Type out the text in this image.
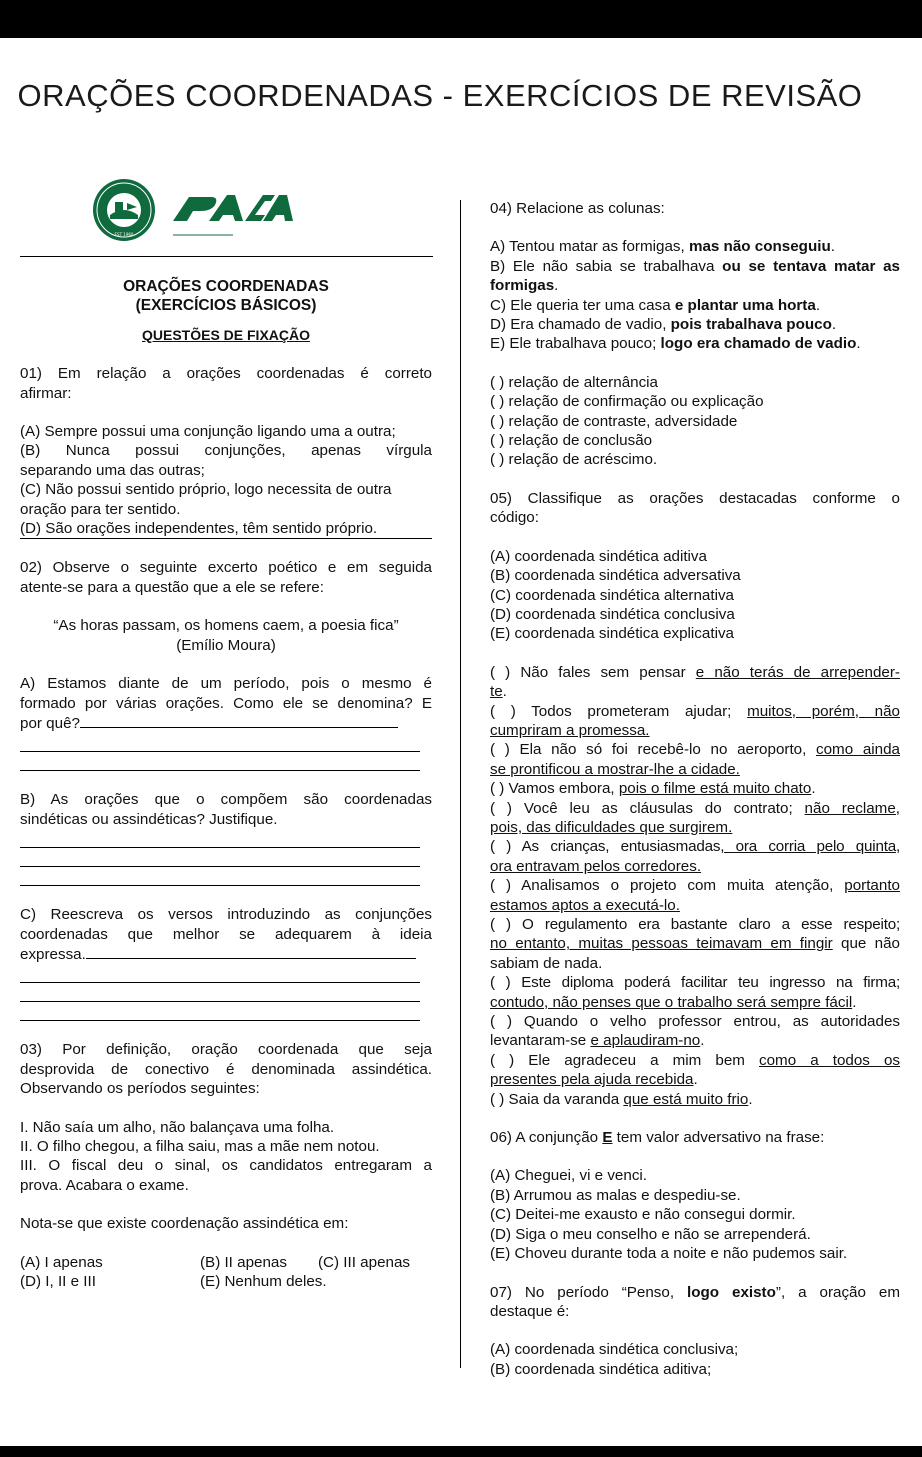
ORAÇÕES COORDENADAS - EXERCÍCIOS DE REVISÃO
EST 1960

ORAÇÕES COORDENADAS

(EXERCÍCIOS BÁSICOS)

QUESTÕES DE FIXAÇÃO

01) Em relação a orações coordenadas é correto

afirmar:

(A) Sempre possui uma conjunção ligando uma a outra;

(B) Nunca possui conjunções, apenas vírgula

separando uma das outras;

(C) Não possui sentido próprio, logo necessita de outra

oração para ter sentido.

(D) São orações independentes, têm sentido próprio.

02) Observe o seguinte excerto poético e em seguida

atente-se para a questão que a ele se refere:

“As horas passam, os homens caem, a poesia fica”

(Emílio Moura)

A) Estamos diante de um período, pois o mesmo é

formado por várias orações. Como ele se denomina? E

por quê?

B) As orações que o compõem são coordenadas

sindéticas ou assindéticas? Justifique.

C) Reescreva os versos introduzindo as conjunções

coordenadas que melhor se adequarem à ideia

expressa.

03) Por definição, oração coordenada que seja

desprovida de conectivo é denominada assindética.

Observando os períodos seguintes:

I. Não saía um alho, não balançava uma folha.

II. O filho chegou, a filha saiu, mas a mãe nem notou.

III. O fiscal deu o sinal, os candidatos entregaram a

prova. Acabara o exame.

Nota-se que existe coordenação assindética em:

(A) I apenas	(B) II apenas (C) III apenas

(D) I, II e III	(E) Nenhum deles.

04) Relacione as colunas:

A) Tentou matar as formigas, mas não conseguiu.

B) Ele não sabia se trabalhava ou se tentava matar as

formigas.

C) Ele queria ter uma casa e plantar uma horta.

D) Era chamado de vadio, pois trabalhava pouco.

E) Ele trabalhava pouco; logo era chamado de vadio.

( ) relação de alternância

( ) relação de confirmação ou explicação

( ) relação de contraste, adversidade

( ) relação de conclusão

( ) relação de acréscimo.

05) Classifique as orações destacadas conforme o

código:

(A) coordenada sindética aditiva

(B) coordenada sindética adversativa

(C) coordenada sindética alternativa

(D) coordenada sindética conclusiva

(E) coordenada sindética explicativa

( ) Não fales sem pensar e não terás de arrepender-

te.

( ) Todos prometeram ajudar; muitos, porém, não

cumpriram a promessa.

( ) Ela não só foi recebê-lo no aeroporto, como ainda

se prontificou a mostrar-lhe a cidade.

( ) Vamos embora, pois o filme está muito chato.

( ) Você leu as cláusulas do contrato; não reclame,

pois, das dificuldades que surgirem.

( ) As crianças, entusiasmadas, ora corria pelo quinta,

ora entravam pelos corredores.

( ) Analisamos o projeto com muita atenção, portanto

estamos aptos a executá-lo.

( ) O regulamento era bastante claro a esse respeito;

no entanto, muitas pessoas teimavam em fingir que não

sabiam de nada.

( ) Este diploma poderá facilitar teu ingresso na firma;

contudo, não penses que o trabalho será sempre fácil.

( ) Quando o velho professor entrou, as autoridades

levantaram-se e aplaudiram-no.

( ) Ele agradeceu a mim bem como a todos os

presentes pela ajuda recebida.

( ) Saia da varanda que está muito frio.

06) A conjunção E tem valor adversativo na frase:

(A) Cheguei, vi e venci.

(B) Arrumou as malas e despediu-se.

(C) Deitei-me exausto e não consegui dormir.

(D) Siga o meu conselho e não se arrependerá.

(E) Choveu durante toda a noite e não pudemos sair.

07) No período “Penso, logo existo”, a oração em

destaque é:

(A) coordenada sindética conclusiva;

(B) coordenada sindética aditiva;
